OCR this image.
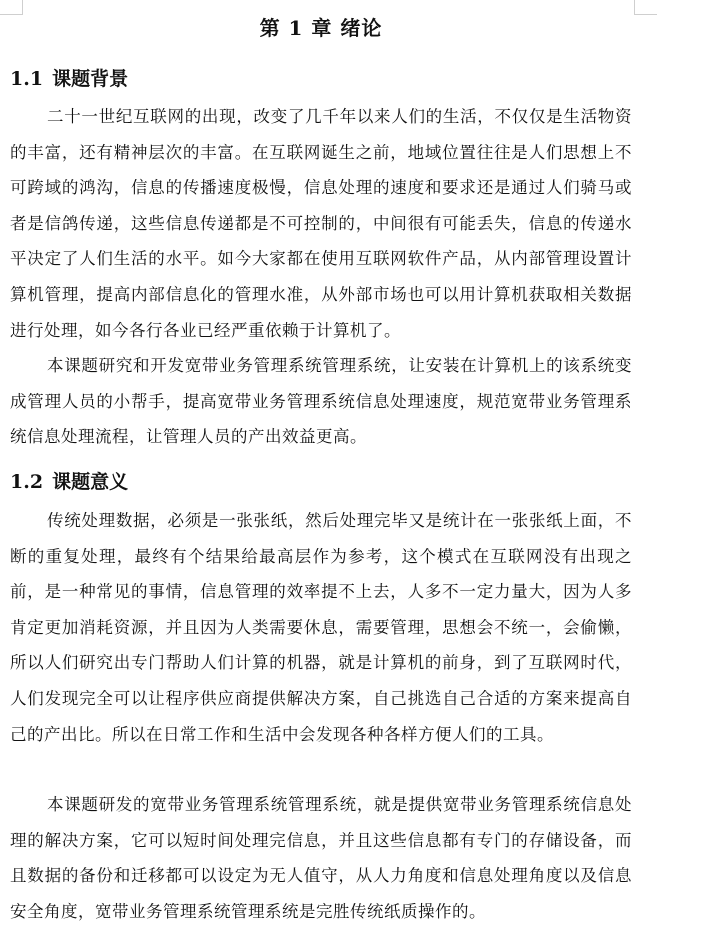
第 1 章 绪论
1.1 课题背景

二十一世纪互联网的出现，改变了几千年以来人们的生活，不仅仅是生活物资的丰富，还有精神层次的丰富。在互联网诞生之前，地域位置往往是人们思想上不可跨域的鸿沟，信息的传播速度极慢，信息处理的速度和要求还是通过人们骑马或者是信鸽传递，这些信息传递都是不可控制的，中间很有可能丢失，信息的传递水平决定了人们生活的水平。如今大家都在使用互联网软件产品，从内部管理设置计算机管理，提高内部信息化的管理水准，从外部市场也可以用计算机获取相关数据进行处理，如今各行各业已经严重依赖于计算机了。

本课题研究和开发宽带业务管理系统管理系统，让安装在计算机上的该系统变成管理人员的小帮手，提高宽带业务管理系统信息处理速度，规范宽带业务管理系统信息处理流程，让管理人员的产出效益更高。

1.2 课题意义

传统处理数据，必须是一张张纸，然后处理完毕又是统计在一张张纸上面，不断的重复处理，最终有个结果给最高层作为参考，这个模式在互联网没有出现之前，是一种常见的事情，信息管理的效率提不上去，人多不一定力量大，因为人多肯定更加消耗资源，并且因为人类需要休息，需要管理，思想会不统一，会偷懒，所以人们研究出专门帮助人们计算的机器，就是计算机的前身，到了互联网时代，人们发现完全可以让程序供应商提供解决方案，自己挑选自己合适的方案来提高自己的产出比。所以在日常工作和生活中会发现各种各样方便人们的工具。

本课题研发的宽带业务管理系统管理系统，就是提供宽带业务管理系统信息处理的解决方案，它可以短时间处理完信息，并且这些信息都有专门的存储设备，而且数据的备份和迁移都可以设定为无人值守，从人力角度和信息处理角度以及信息安全角度，宽带业务管理系统管理系统是完胜传统纸质操作的。
